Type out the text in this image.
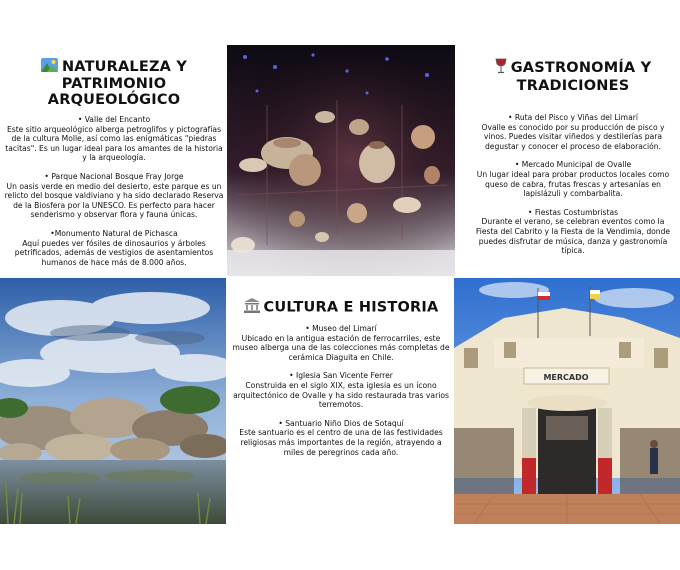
NATURALEZA Y PATRIMONIO
ARQUEOLÓGICO
• Valle del Encanto
Este sitio arqueológico alberga petroglifos y pictografías de la cultura Molle, así como las enigmáticas "piedras tacitas". Es un lugar ideal para los amantes de la historia y la arqueología.
• Parque Nacional Bosque Fray Jorge
Un oasis verde en medio del desierto, este parque es un relicto del bosque valdiviano y ha sido declarado Reserva de la Biosfera por la UNESCO. Es perfecto para hacer senderismo y observar flora y fauna únicas.
•Monumento Natural de Pichasca
Aquí puedes ver fósiles de dinosaurios y árboles petrificados, además de vestigios de asentamientos humanos de hace más de 8.000 años.
GASTRONOMÍA Y
TRADICIONES
• Ruta del Pisco y Viñas del Limarí
Ovalle es conocido por su producción de pisco y vinos. Puedes visitar viñedos y destilerías para degustar y conocer el proceso de elaboración.
• Mercado Municipal de Ovalle
Un lugar ideal para probar productos locales como queso de cabra, frutas frescas y artesanías en lapislázuli y combarbalita.
• Fiestas Costumbristas
Durante el verano, se celebran eventos como la Fiesta del Cabrito y la Fiesta de la Vendimia, donde puedes disfrutar de música, danza y gastronomía típica.
CULTURA E HISTORIA
• Museo del Limarí
Ubicado en la antigua estación de ferrocarriles, este museo alberga una de las colecciones más completas de cerámica Diaguita en Chile.
• Iglesia San Vicente Ferrer
Construida en el siglo XIX, esta iglesia es un ícono arquitectónico de Ovalle y ha sido restaurada tras varios terremotos.
• Santuario Niño Dios de Sotaquí
Este santuario es el centro de una de las festividades religiosas más importantes de la región, atrayendo a miles de peregrinos cada año.
MERCADO
